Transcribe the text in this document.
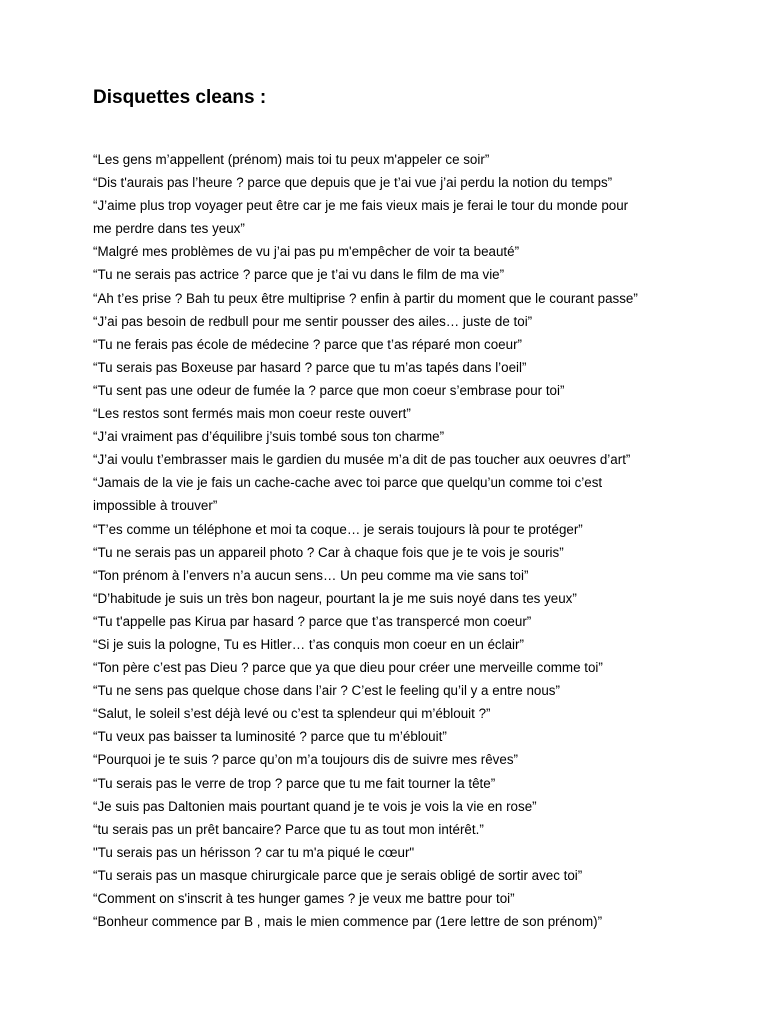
Disquettes cleans :
“Les gens m’appellent (prénom) mais toi tu peux m'appeler ce soir”
“Dis t'aurais pas l’heure ? parce que depuis que je t’ai vue j’ai perdu la notion du temps”
“J’aime plus trop voyager peut être car je me fais vieux mais je ferai le tour du monde pour
me perdre dans tes yeux”
“Malgré mes problèmes de vu j’ai pas pu m'empêcher de voir ta beauté”
“Tu ne serais pas actrice ? parce que je t’ai vu dans le film de ma vie”
“Ah t’es prise ? Bah tu peux être multiprise ? enfin à partir du moment que le courant passe”
“J’ai pas besoin de redbull pour me sentir pousser des ailes… juste de toi”
“Tu ne ferais pas école de médecine ? parce que t’as réparé mon coeur”
“Tu serais pas Boxeuse par hasard ? parce que tu m’as tapés dans l’oeil”
“Tu sent pas une odeur de fumée la ? parce que mon coeur s’embrase pour toi”
“Les restos sont fermés mais mon coeur reste ouvert”
“J’ai vraiment pas d’équilibre j’suis tombé sous ton charme”
“J’ai voulu t’embrasser mais le gardien du musée m’a dit de pas toucher aux oeuvres d’art”
“Jamais de la vie je fais un cache-cache avec toi parce que quelqu’un comme toi c’est
impossible à trouver”
“T’es comme un téléphone et moi ta coque… je serais toujours là pour te protéger”
“Tu ne serais pas un appareil photo ? Car à chaque fois que je te vois je souris”
“Ton prénom à l’envers n’a aucun sens… Un peu comme ma vie sans toi”
“D’habitude je suis un très bon nageur, pourtant la je me suis noyé dans tes yeux”
“Tu t'appelle pas Kirua par hasard ? parce que t’as transpercé mon coeur”
“Si je suis la pologne, Tu es Hitler… t’as conquis mon coeur en un éclair”
“Ton père c’est pas Dieu ? parce que ya que dieu pour créer une merveille comme toi”
“Tu ne sens pas quelque chose dans l’air ? C’est le feeling qu’il y a entre nous”
“Salut, le soleil s’est déjà levé ou c’est ta splendeur qui m’éblouit ?”
“Tu veux pas baisser ta luminosité ? parce que tu m’éblouit”
“Pourquoi je te suis ? parce qu’on m’a toujours dis de suivre mes rêves”
“Tu serais pas le verre de trop ? parce que tu me fait tourner la tête”
“Je suis pas Daltonien mais pourtant quand je te vois je vois la vie en rose”
“tu serais pas un prêt bancaire? Parce que tu as tout mon intérêt.”
"Tu serais pas un hérisson ? car tu m'a piqué le cœur"
“Tu serais pas un masque chirurgicale parce que je serais obligé de sortir avec toi”
“Comment on s'inscrit à tes hunger games ? je veux me battre pour toi”
“Bonheur commence par B , mais le mien commence par (1ere lettre de son prénom)”
